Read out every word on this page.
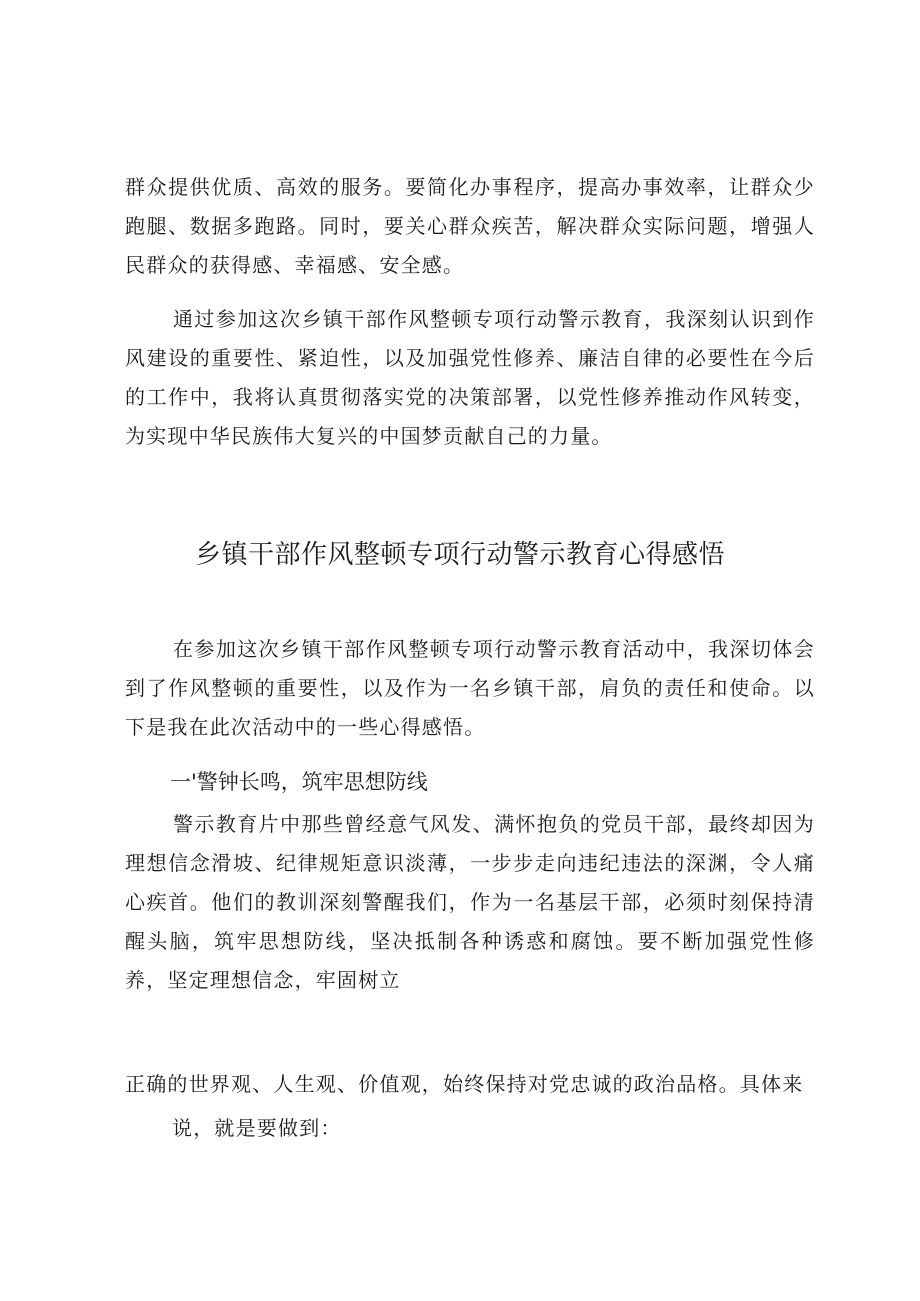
群众提供优质、高效的服务。要简化办事程序，提高办事效率，让群众少跑腿、数据多跑路。同时，要关心群众疾苦，解决群众实际问题，增强人民群众的获得感、幸福感、安全感。

通过参加这次乡镇干部作风整顿专项行动警示教育，我深刻认识到作风建设的重要性、紧迫性，以及加强党性修养、廉洁自律的必要性在今后的工作中，我将认真贯彻落实党的决策部署，以党性修养推动作风转变，为实现中华民族伟大复兴的中国梦贡献自己的力量。

乡镇干部作风整顿专项行动警示教育心得感悟

在参加这次乡镇干部作风整顿专项行动警示教育活动中，我深切体会到了作风整顿的重要性，以及作为一名乡镇干部，肩负的责任和使命。以下是我在此次活动中的一些心得感悟。

一'警钟长鸣，筑牢思想防线

警示教育片中那些曾经意气风发、满怀抱负的党员干部，最终却因为理想信念滑坡、纪律规矩意识淡薄，一步步走向违纪违法的深渊，令人痛心疾首。他们的教训深刻警醒我们，作为一名基层干部，必须时刻保持清醒头脑，筑牢思想防线，坚决抵制各种诱惑和腐蚀。要不断加强党性修养，坚定理想信念，牢固树立

正确的世界观、人生观、价值观，始终保持对党忠诚的政治品格。具体来

说，就是要做到：
